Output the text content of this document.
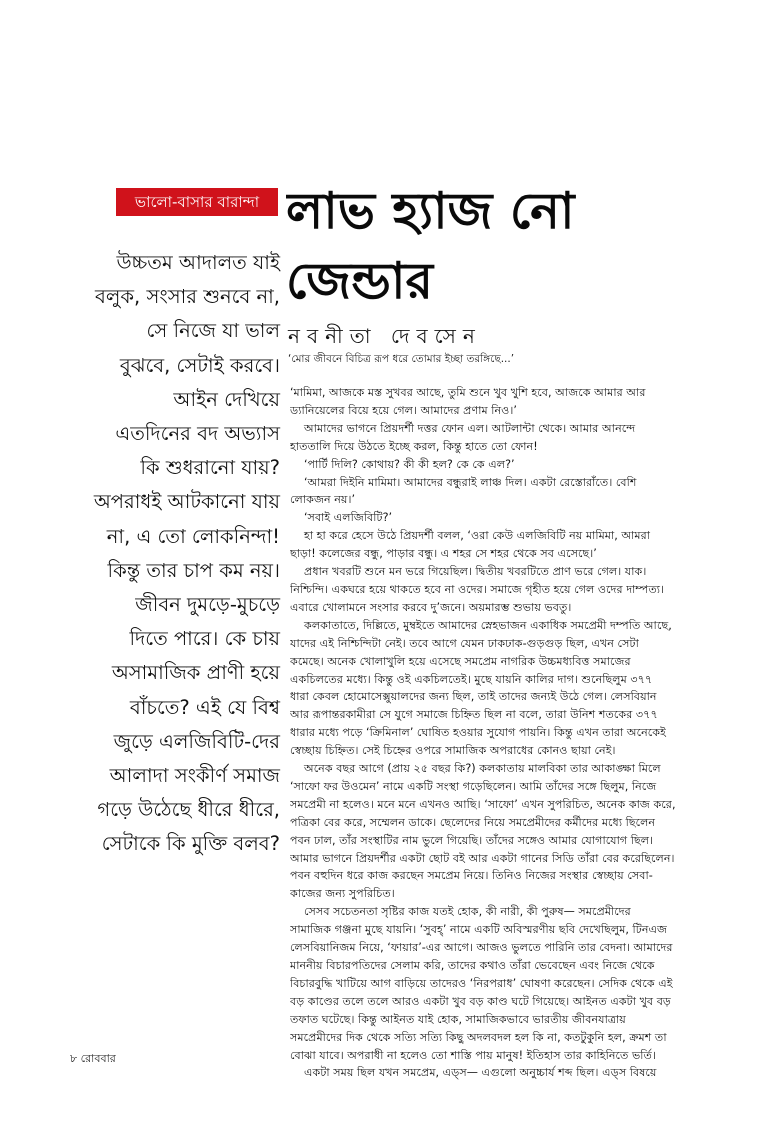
ভালো-বাসার বারান্দা লাভ হ্যাজ নো জেন্ডার
নবনীতা দেবসেন
‘মোর জীবনে বিচিত্র রূপ ধরে তোমার ইচ্ছা তরঙ্গিছে...’
উচ্চতম আদালত যাই
বলুক, সংসার শুনবে না,
সে নিজে যা ভাল
বুঝবে, সেটাই করবে।
আইন দেখিয়ে
এতদিনের বদ অভ্যাস
কি শুধরানো যায়?
অপরাধই আটকানো যায়
না, এ তো লোকনিন্দা!
কিন্তু তার চাপ কম নয়।
জীবন দুমড়ে-মুচড়ে
দিতে পারে। কে চায়
অসামাজিক প্রাণী হয়ে
বাঁচতে? এই যে বিশ্ব
জুড়ে এলজিবিটি-দের
আলাদা সংকীর্ণ সমাজ
গড়ে উঠেছে ধীরে ধীরে,
সেটাকে কি মুক্তি বলব?
‘মামিমা, আজকে মস্ত সুখবর আছে, তুমি শুনে খুব খুশি হবে, আজকে আমার আর
ড্যানিয়েলের বিয়ে হয়ে গেল। আমাদের প্রণাম নিও।’
আমাদের ভাগনে প্রিয়দর্শী দত্তর ফোন এল। আটলান্টা থেকে। আমার আনন্দে
হাততালি দিয়ে উঠতে ইচ্ছে করল, কিন্তু হাতে তো ফোন!
‘পার্টি দিলি? কোথায়? কী কী হল? কে কে এল?’
‘আমরা দিইনি মামিমা। আমাদের বন্ধুরাই লাঞ্চ দিল। একটা রেস্তোরাঁতে। বেশি
লোকজন নয়।’
‘সবাই এলজিবিটি?’
হা হা করে হেসে উঠে প্রিয়দর্শী বলল, ‘ওরা কেউ এলজিবিটি নয় মামিমা, আমরা
ছাড়া! কলেজের বন্ধু, পাড়ার বন্ধু। এ শহর সে শহর থেকে সব এসেছে।’
প্রধান খবরটি শুনে মন ভরে গিয়েছিল। দ্বিতীয় খবরটিতে প্রাণ ভরে গেল। যাক।
নিশ্চিন্দি। একঘরে হয়ে থাকতে হবে না ওদের। সমাজে গৃহীত হয়ে গেল ওদের দাম্পত্য।
এবারে খোলামনে সংসার করবে দু’জনে। অয়মারম্ভ শুভায় ভবতু।
কলকাতাতে, দিল্লিতে, মুম্বইতে আমাদের স্নেহভাজন একাধিক সমপ্রেমী দম্পতি আছে,
যাদের এই নিশ্চিন্দিটা নেই। তবে আগে যেমন ঢাকঢাক-গুড়গুড় ছিল, এখন সেটা
কমেছে। অনেক খোলাখুলি হয়ে এসেছে সমপ্রেম নাগরিক উচ্চমধ্যবিত্ত সমাজের
একচিলতের মধ্যে। কিন্তু ওই একচিলতেই। মুছে যায়নি কালির দাগ। শুনেছিলুম ৩৭৭
ধারা কেবল হোমোসেক্সুয়ালদের জন্য ছিল, তাই তাদের জন্যই উঠে গেল। লেসবিয়ান
আর রূপান্তরকামীরা সে যুগে সমাজে চিহ্নিত ছিল না বলে, তারা উনিশ শতকের ৩৭৭
ধারার মধ্যে পড়ে ‘ক্রিমিনাল’ ঘোষিত হওয়ার সুযোগ পায়নি। কিন্তু এখন তারা অনেকেই
স্বেচ্ছায় চিহ্নিত। সেই চিহ্নের ওপরে সামাজিক অপরাধের কোনও ছায়া নেই।
অনেক বছর আগে (প্রায় ২৫ বছর কি?) কলকাতায় মালবিকা তার আকাঙ্ক্ষা মিলে
‘সাফো ফর উওমেন’ নামে একটি সংস্থা গড়েছিলেন। আমি তাঁদের সঙ্গে ছিলুম, নিজে
সমপ্রেমী না হলেও। মনে মনে এখনও আছি। ‘সাফো’ এখন সুপরিচিত, অনেক কাজ করে,
পত্রিকা বের করে, সম্মেলন ডাকে। ছেলেদের নিয়ে সমপ্রেমীদের কর্মীদের মধ্যে ছিলেন
পবন ঢাল, তাঁর সংস্থাটির নাম ভুলে গিয়েছি। তাঁদের সঙ্গেও আমার যোগাযোগ ছিল।
আমার ভাগনে প্রিয়দর্শীর একটা ছোট বই আর একটা গানের সিডি তাঁরা বের করেছিলেন।
পবন বহুদিন ধরে কাজ করছেন সমপ্রেম নিয়ে। তিনিও নিজের সংস্থার স্বেচ্ছায় সেবা-
কাজের জন্য সুপরিচিত।
সেসব সচেতনতা সৃষ্টির কাজ যতই হোক, কী নারী, কী পুরুষ— সমপ্রেমীদের
সামাজিক গঞ্জনা মুছে যায়নি। ‘সুবহ্’ নামে একটি অবিস্মরণীয় ছবি দেখেছিলুম, টিনএজ
লেসবিয়ানিজম নিয়ে, ‘ফায়ার’-এর আগে। আজও ভুলতে পারিনি তার বেদনা। আমাদের
মাননীয় বিচারপতিদের সেলাম করি, তাদের কথাও তাঁরা ভেবেছেন এবং নিজে থেকে
বিচারবুদ্ধি খাটিয়ে আগ বাড়িয়ে তাদেরও ‘নিরপরাধ’ ঘোষণা করেছেন। সেদিক থেকে এই
বড় কাণ্ডের তলে তলে আরও একটা খুব বড় কাণ্ড ঘটে গিয়েছে। আইনত একটা খুব বড়
তফাত ঘটেছে। কিন্তু আইনত যাই হোক, সামাজিকভাবে ভারতীয় জীবনযাত্রায়
সমপ্রেমীদের দিক থেকে সত্যি সত্যি কিছু অদলবদল হল কি না, কতটুকুনি হল, ক্রমশ তা
বোঝা যাবে। অপরাধী না হলেও তো শাস্তি পায় মানুষ! ইতিহাস তার কাহিনিতে ভর্তি।
একটা সময় ছিল যখন সমপ্রেম, এড্‌স— এগুলো অনুচ্চার্য শব্দ ছিল। এড্‌স বিষয়ে
৮ রোববার
